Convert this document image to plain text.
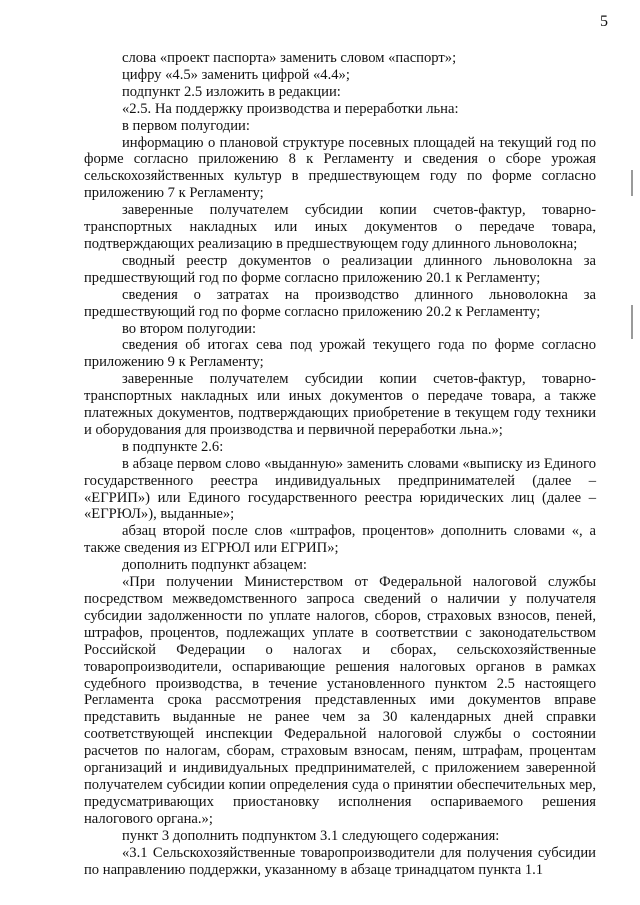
5

слова «проект паспорта» заменить словом «паспорт»;

цифру «4.5» заменить цифрой «4.4»;

подпункт 2.5 изложить в редакции:

«2.5. На поддержку производства и переработки льна:

в первом полугодии:

информацию о плановой структуре посевных площадей на текущий год по форме согласно приложению 8 к Регламенту и сведения о сборе урожая сельскохозяйственных культур в предшествующем году по форме согласно приложению 7 к Регламенту;

заверенные получателем субсидии копии счетов-фактур, товарно-транспортных накладных или иных документов о передаче товара, подтверждающих реализацию в предшествующем году длинного льноволокна;

сводный реестр документов о реализации длинного льноволокна за предшествующий год по форме согласно приложению 20.1 к Регламенту;

сведения о затратах на производство длинного льноволокна за предшествующий год по форме согласно приложению 20.2 к Регламенту;

во втором полугодии:

сведения об итогах сева под урожай текущего года по форме согласно приложению 9 к Регламенту;

заверенные получателем субсидии копии счетов-фактур, товарно-транспортных накладных или иных документов о передаче товара, а также платежных документов, подтверждающих приобретение в текущем году техники и оборудования для производства и первичной переработки льна.»;

в подпункте 2.6:

в абзаце первом слово «выданную» заменить словами «выписку из Единого государственного реестра индивидуальных предпринимателей (далее – «ЕГРИП») или Единого государственного реестра юридических лиц (далее – «ЕГРЮЛ»), выданные»;

абзац второй после слов «штрафов, процентов» дополнить словами «, а также сведения из ЕГРЮЛ или ЕГРИП»;

дополнить подпункт абзацем:

«При получении Министерством от Федеральной налоговой службы посредством межведомственного запроса сведений о наличии у получателя субсидии задолженности по уплате налогов, сборов, страховых взносов, пеней, штрафов, процентов, подлежащих уплате в соответствии с законодательством Российской Федерации о налогах и сборах, сельскохозяйственные товаропроизводители, оспаривающие решения налоговых органов в рамках судебного производства, в течение установленного пунктом 2.5 настоящего Регламента срока рассмотрения представленных ими документов вправе представить выданные не ранее чем за 30 календарных дней справки соответствующей инспекции Федеральной налоговой службы о состоянии расчетов по налогам, сборам, страховым взносам, пеням, штрафам, процентам организаций и индивидуальных предпринимателей, с приложением заверенной получателем субсидии копии определения суда о принятии обеспечительных мер, предусматривающих приостановку исполнения оспариваемого решения налогового органа.»;

пункт 3 дополнить подпунктом 3.1 следующего содержания:

«3.1 Сельскохозяйственные товаропроизводители для получения субсидии по направлению поддержки, указанному в абзаце тринадцатом пункта 1.1
